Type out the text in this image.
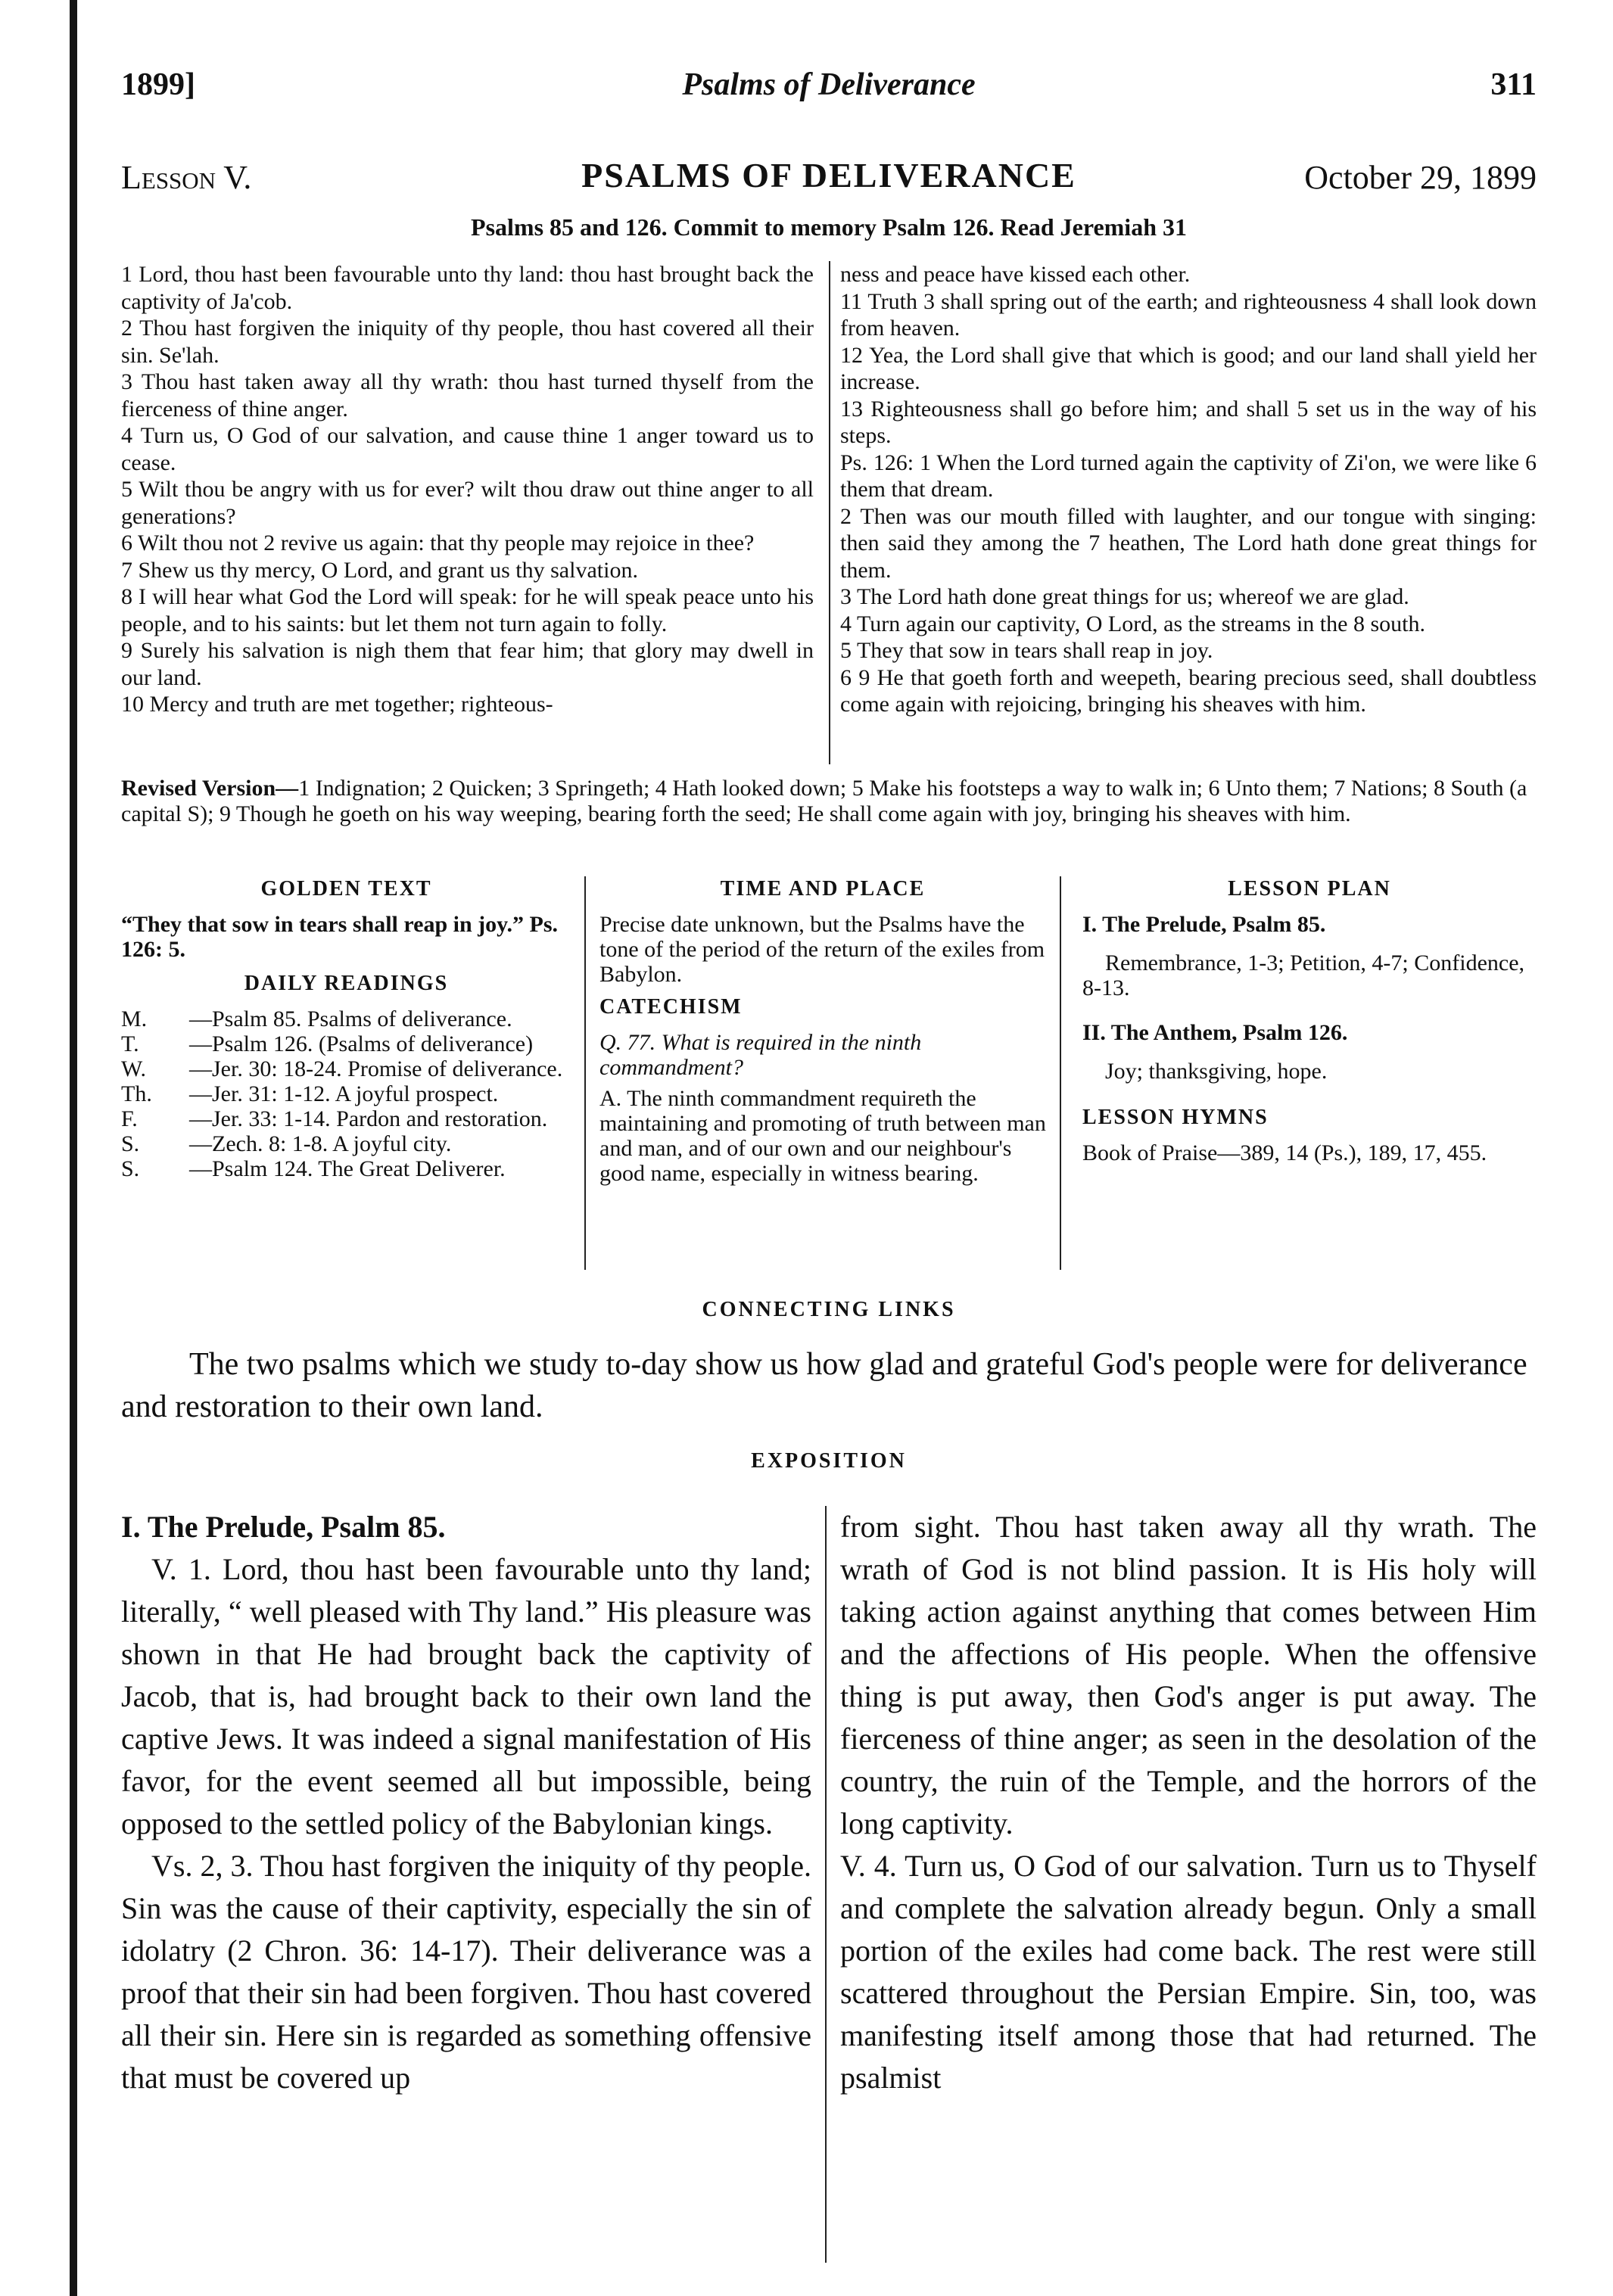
1899]	Psalms of Deliverance	311
Lesson V.	PSALMS OF DELIVERANCE	October 29, 1899
Psalms 85 and 126. Commit to memory Psalm 126. Read Jeremiah 31

1 Lord, thou hast been favourable unto thy land: thou hast brought back the captivity of Ja'cob.

2 Thou hast forgiven the iniquity of thy people, thou hast covered all their sin. Se'lah.

3 Thou hast taken away all thy wrath: thou hast turned thyself from the fierceness of thine anger.

4 Turn us, O God of our salvation, and cause thine 1 anger toward us to cease.

5 Wilt thou be angry with us for ever? wilt thou draw out thine anger to all generations?

6 Wilt thou not 2 revive us again: that thy people may rejoice in thee?

7 Shew us thy mercy, O Lord, and grant us thy salvation.

8 I will hear what God the Lord will speak: for he will speak peace unto his people, and to his saints: but let them not turn again to folly.

9 Surely his salvation is nigh them that fear him; that glory may dwell in our land.

10 Mercy and truth are met together; righteous-

ness and peace have kissed each other.

11 Truth 3 shall spring out of the earth; and righteousness 4 shall look down from heaven.

12 Yea, the Lord shall give that which is good; and our land shall yield her increase.

13 Righteousness shall go before him; and shall 5 set us in the way of his steps.

Ps. 126: 1 When the Lord turned again the captivity of Zi'on, we were like 6 them that dream.

2 Then was our mouth filled with laughter, and our tongue with singing: then said they among the 7 heathen, The Lord hath done great things for them.

3 The Lord hath done great things for us; whereof we are glad.

4 Turn again our captivity, O Lord, as the streams in the 8 south.

5 They that sow in tears shall reap in joy.

6 9 He that goeth forth and weepeth, bearing precious seed, shall doubtless come again with rejoicing, bringing his sheaves with him.

Revised Version—1 Indignation; 2 Quicken; 3 Springeth; 4 Hath looked down; 5 Make his footsteps a way to walk in; 6 Unto them; 7 Nations; 8 South (a capital S); 9 Though he goeth on his way weeping, bearing forth the seed; He shall come again with joy, bringing his sheaves with him.
GOLDEN TEXT

“They that sow in tears shall reap in joy.” Ps. 126: 5.

DAILY READINGS
M.	—Psalm 85. Psalms of deliverance.
T.	—Psalm 126. (Psalms of deliverance)
W.	—Jer. 30: 18-24. Promise of deliverance.
Th.	—Jer. 31: 1-12. A joyful prospect.
F.	—Jer. 33: 1-14. Pardon and restoration.
S.	—Zech. 8: 1-8. A joyful city.
S.	—Psalm 124. The Great Deliverer.
TIME AND PLACE

Precise date unknown, but the Psalms have the tone of the period of the return of the exiles from Babylon.

CATECHISM

Q. 77. What is required in the ninth commandment?

A. The ninth commandment requireth the maintaining and promoting of truth between man and man, and of our own and our neighbour's good name, especially in witness bearing.

LESSON PLAN

I. The Prelude, Psalm 85.

Remembrance, 1-3; Petition, 4-7; Confidence, 8-13.

II. The Anthem, Psalm 126.

Joy; thanksgiving, hope.

LESSON HYMNS

Book of Praise—389, 14 (Ps.), 189, 17, 455.

CONNECTING LINKS
The two psalms which we study to-day show us how glad and grateful God's people were for deliverance and restoration to their own land.
EXPOSITION

I. The Prelude, Psalm 85.

V. 1. Lord, thou hast been favourable unto thy land; literally, “ well pleased with Thy land.” His pleasure was shown in that He had brought back the captivity of Jacob, that is, had brought back to their own land the captive Jews. It was indeed a signal manifestation of His favor, for the event seemed all but impossible, being opposed to the settled policy of the Babylonian kings.

Vs. 2, 3. Thou hast forgiven the iniquity of thy people. Sin was the cause of their captivity, especially the sin of idolatry (2 Chron. 36: 14-17). Their deliverance was a proof that their sin had been forgiven. Thou hast covered all their sin. Here sin is regarded as something offensive that must be covered up

from sight. Thou hast taken away all thy wrath. The wrath of God is not blind passion. It is His holy will taking action against anything that comes between Him and the affections of His people. When the offensive thing is put away, then God's anger is put away. The fierceness of thine anger; as seen in the desolation of the country, the ruin of the Temple, and the horrors of the long captivity.

V. 4. Turn us, O God of our salvation. Turn us to Thyself and complete the salvation already begun. Only a small portion of the exiles had come back. The rest were still scattered throughout the Persian Empire. Sin, too, was manifesting itself among those that had returned. The psalmist
